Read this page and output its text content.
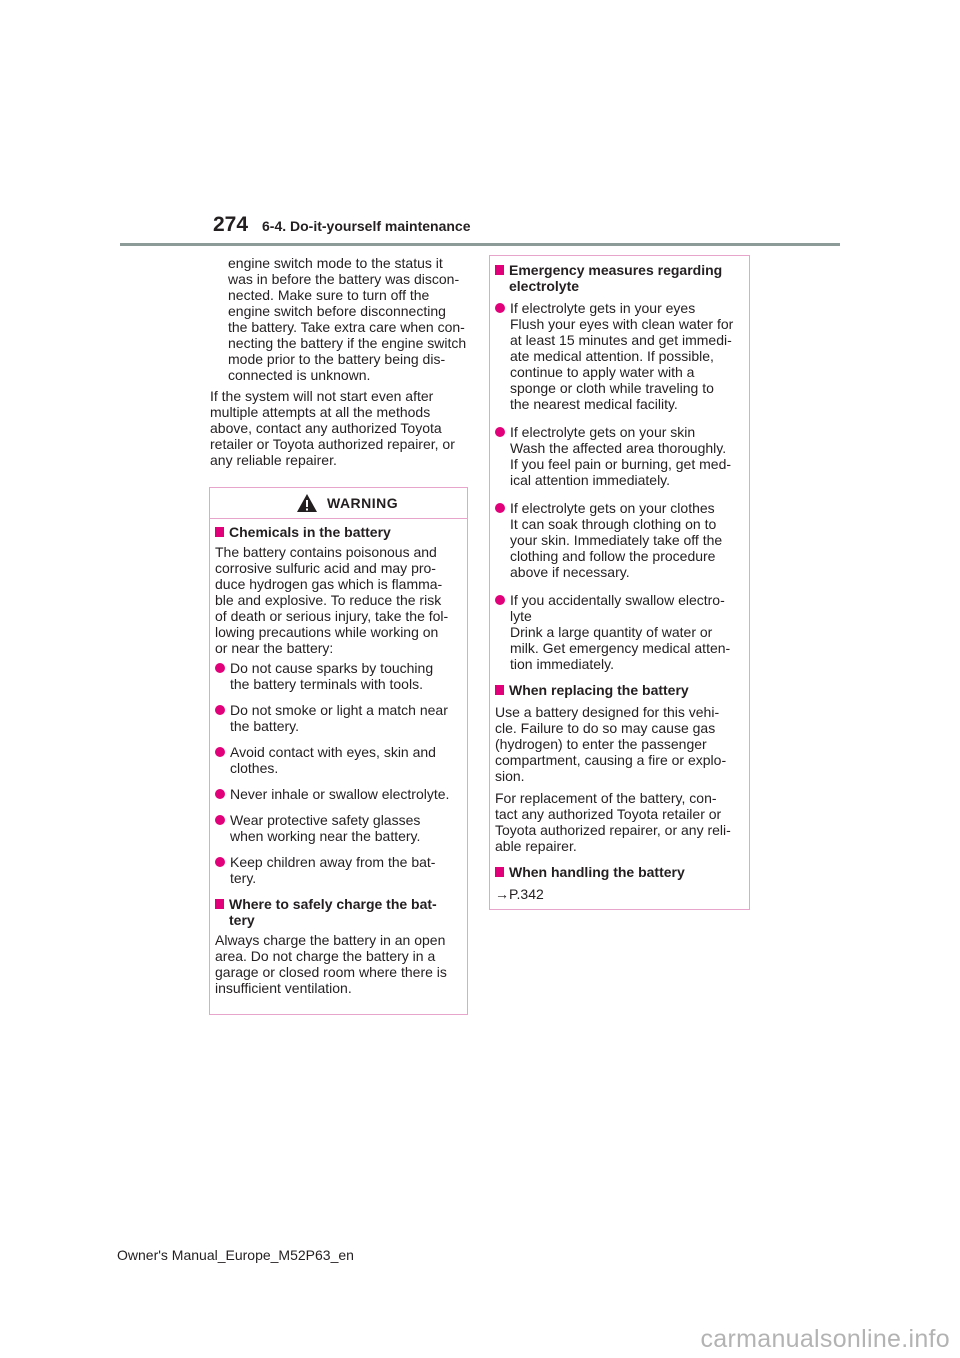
274 6-4. Do-it-yourself maintenance

engine switch mode to the status it
was in before the battery was discon-
nected. Make sure to turn off the
engine switch before disconnecting
the battery. Take extra care when con-
necting the battery if the engine switch
mode prior to the battery being dis-
connected is unknown.

If the system will not start even after
multiple attempts at all the methods
above, contact any authorized Toyota
retailer or Toyota authorized repairer, or
any reliable repairer.

WARNING
Chemicals in the battery

The battery contains poisonous and
corrosive sulfuric acid and may pro-
duce hydrogen gas which is flamma-
ble and explosive. To reduce the risk
of death or serious injury, take the fol-
lowing precautions while working on
or near the battery:

Do not cause sparks by touching
the battery terminals with tools.
Do not smoke or light a match near
the battery.
Avoid contact with eyes, skin and
clothes.
Never inhale or swallow electrolyte.
Wear protective safety glasses
when working near the battery.
Keep children away from the bat-
tery.
Where to safely charge the bat-
tery

Always charge the battery in an open
area. Do not charge the battery in a
garage or closed room where there is
insufficient ventilation.

Emergency measures regarding
electrolyte
If electrolyte gets in your eyes
Flush your eyes with clean water for
at least 15 minutes and get immedi-
ate medical attention. If possible,
continue to apply water with a
sponge or cloth while traveling to
the nearest medical facility.
If electrolyte gets on your skin
Wash the affected area thoroughly.
If you feel pain or burning, get med-
ical attention immediately.
If electrolyte gets on your clothes
It can soak through clothing on to
your skin. Immediately take off the
clothing and follow the procedure
above if necessary.
If you accidentally swallow electro-
lyte
Drink a large quantity of water or
milk. Get emergency medical atten-
tion immediately.
When replacing the battery

Use a battery designed for this vehi-
cle. Failure to do so may cause gas
(hydrogen) to enter the passenger
compartment, causing a fire or explo-
sion.

For replacement of the battery, con-
tact any authorized Toyota retailer or
Toyota authorized repairer, or any reli-
able repairer.

When handling the battery

→P.342

Owner's Manual_Europe_M52P63_en
carmanualsonline.info
